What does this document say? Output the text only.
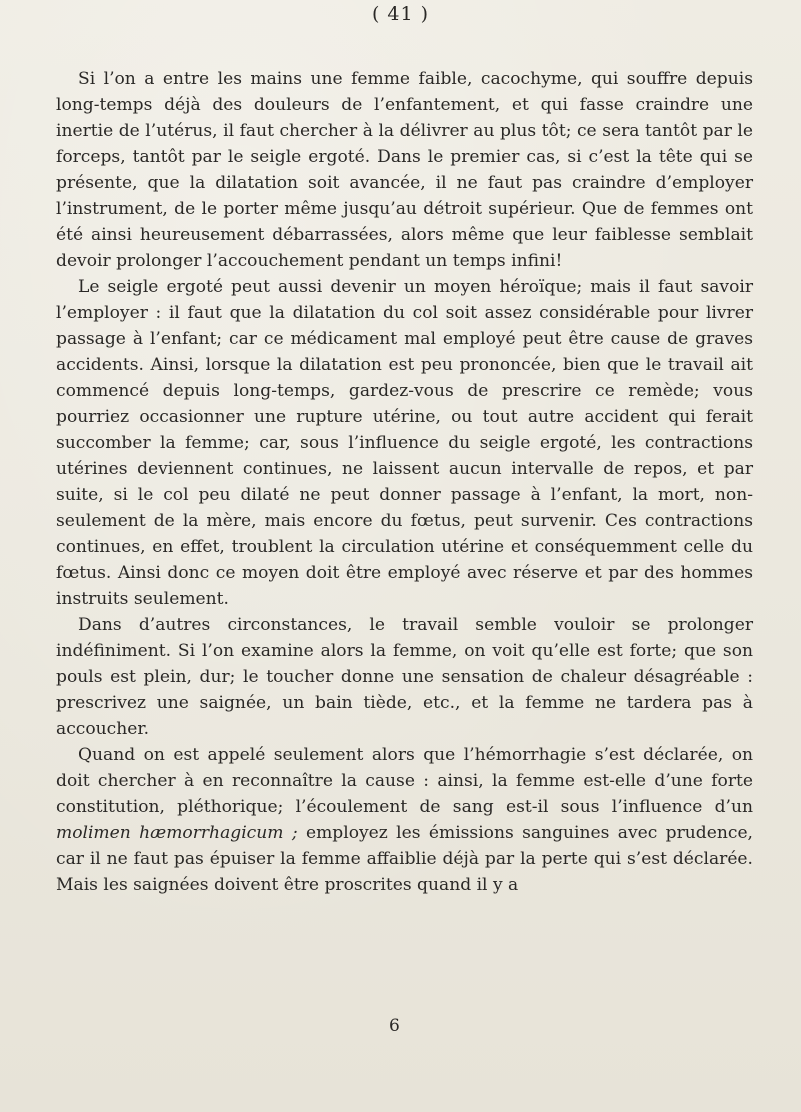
( 41 )

Si l’on a entre les mains une femme faible, cacochyme, qui souffre depuis long-temps déjà des douleurs de l’enfantement, et qui fasse craindre une inertie de l’utérus, il faut chercher à la délivrer au plus tôt; ce sera tantôt par le forceps, tantôt par le seigle ergoté. Dans le premier cas, si c’est la tête qui se présente, que la dilatation soit avancée, il ne faut pas craindre d’employer l’instrument, de le porter même jusqu’au détroit supérieur. Que de femmes ont été ainsi heureusement débarrassées, alors même que leur faiblesse semblait devoir prolonger l’accouchement pendant un temps infini!

Le seigle ergoté peut aussi devenir un moyen héroïque; mais il faut savoir l’employer : il faut que la dilatation du col soit assez considérable pour livrer passage à l’enfant; car ce médicament mal employé peut être cause de graves accidents. Ainsi, lorsque la dilatation est peu prononcée, bien que le travail ait commencé depuis long-temps, gardez-vous de prescrire ce remède; vous pourriez occasionner une rupture utérine, ou tout autre accident qui ferait succomber la femme; car, sous l’influence du seigle ergoté, les contractions utérines deviennent continues, ne laissent aucun intervalle de repos, et par suite, si le col peu dilaté ne peut donner passage à l’enfant, la mort, non-seulement de la mère, mais encore du fœtus, peut survenir. Ces contractions continues, en effet, troublent la circulation utérine et conséquemment celle du fœtus. Ainsi donc ce moyen doit être employé avec réserve et par des hommes instruits seulement.

Dans d’autres circonstances, le travail semble vouloir se prolonger indéfiniment. Si l’on examine alors la femme, on voit qu’elle est forte; que son pouls est plein, dur; le toucher donne une sensation de chaleur désagréable : prescrivez une saignée, un bain tiède, etc., et la femme ne tardera pas à accoucher.

Quand on est appelé seulement alors que l’hémorrhagie s’est déclarée, on doit chercher à en reconnaître la cause : ainsi, la femme est-elle d’une forte constitution, pléthorique; l’écoulement de sang est-il sous l’influence d’un molimen hæmorrhagicum ; employez les émissions sanguines avec prudence, car il ne faut pas épuiser la femme affaiblie déjà par la perte qui s’est déclarée. Mais les saignées doivent être proscrites quand il y a

6
